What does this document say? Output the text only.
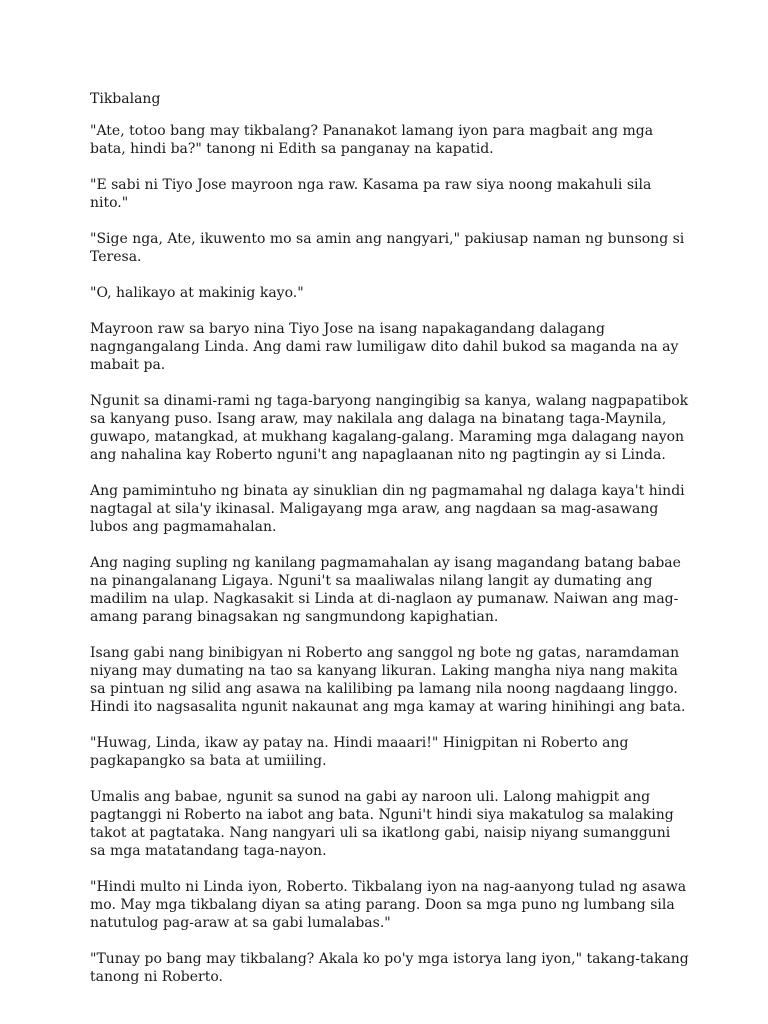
Tikbalang

"Ate, totoo bang may tikbalang? Pananakot lamang iyon para magbait ang mga bata, hindi ba?" tanong ni Edith sa panganay na kapatid.

"E sabi ni Tiyo Jose mayroon nga raw. Kasama pa raw siya noong makahuli sila nito."

"Sige nga, Ate, ikuwento mo sa amin ang nangyari," pakiusap naman ng bunsong si Teresa.

"O, halikayo at makinig kayo."

Mayroon raw sa baryo nina Tiyo Jose na isang napakagandang dalagang nagngangalang Linda. Ang dami raw lumiligaw dito dahil bukod sa maganda na ay mabait pa.

Ngunit sa dinami-rami ng taga-baryong nangingibig sa kanya, walang nagpapatibok sa kanyang puso. Isang araw, may nakilala ang dalaga na binatang taga-Maynila, guwapo, matangkad, at mukhang kagalang-galang. Maraming mga dalagang nayon ang nahalina kay Roberto nguni't ang napaglaanan nito ng pagtingin ay si Linda.

Ang pamimintuho ng binata ay sinuklian din ng pagmamahal ng dalaga kaya't hindi nagtagal at sila'y ikinasal. Maligayang mga araw, ang nagdaan sa mag-asawang lubos ang pagmamahalan.

Ang naging supling ng kanilang pagmamahalan ay isang magandang batang babae na pinangalanang Ligaya. Nguni't sa maaliwalas nilang langit ay dumating ang madilim na ulap. Nagkasakit si Linda at di-naglaon ay pumanaw. Naiwan ang mag-amang parang binagsakan ng sangmundong kapighatian.

Isang gabi nang binibigyan ni Roberto ang sanggol ng bote ng gatas, naramdaman niyang may dumating na tao sa kanyang likuran. Laking mangha niya nang makita sa pintuan ng silid ang asawa na kalilibing pa lamang nila noong nagdaang linggo. Hindi ito nagsasalita ngunit nakaunat ang mga kamay at waring hinihingi ang bata.

"Huwag, Linda, ikaw ay patay na. Hindi maaari!" Hinigpitan ni Roberto ang pagkapangko sa bata at umiiling.

Umalis ang babae, ngunit sa sunod na gabi ay naroon uli. Lalong mahigpit ang pagtanggi ni Roberto na iabot ang bata. Nguni't hindi siya makatulog sa malaking takot at pagtataka. Nang nangyari uli sa ikatlong gabi, naisip niyang sumangguni sa mga matatandang taga-nayon.

"Hindi multo ni Linda iyon, Roberto. Tikbalang iyon na nag-aanyong tulad ng asawa mo. May mga tikbalang diyan sa ating parang. Doon sa mga puno ng lumbang sila natutulog pag-araw at sa gabi lumalabas."

"Tunay po bang may tikbalang? Akala ko po'y mga istorya lang iyon," takang-takang tanong ni Roberto.
